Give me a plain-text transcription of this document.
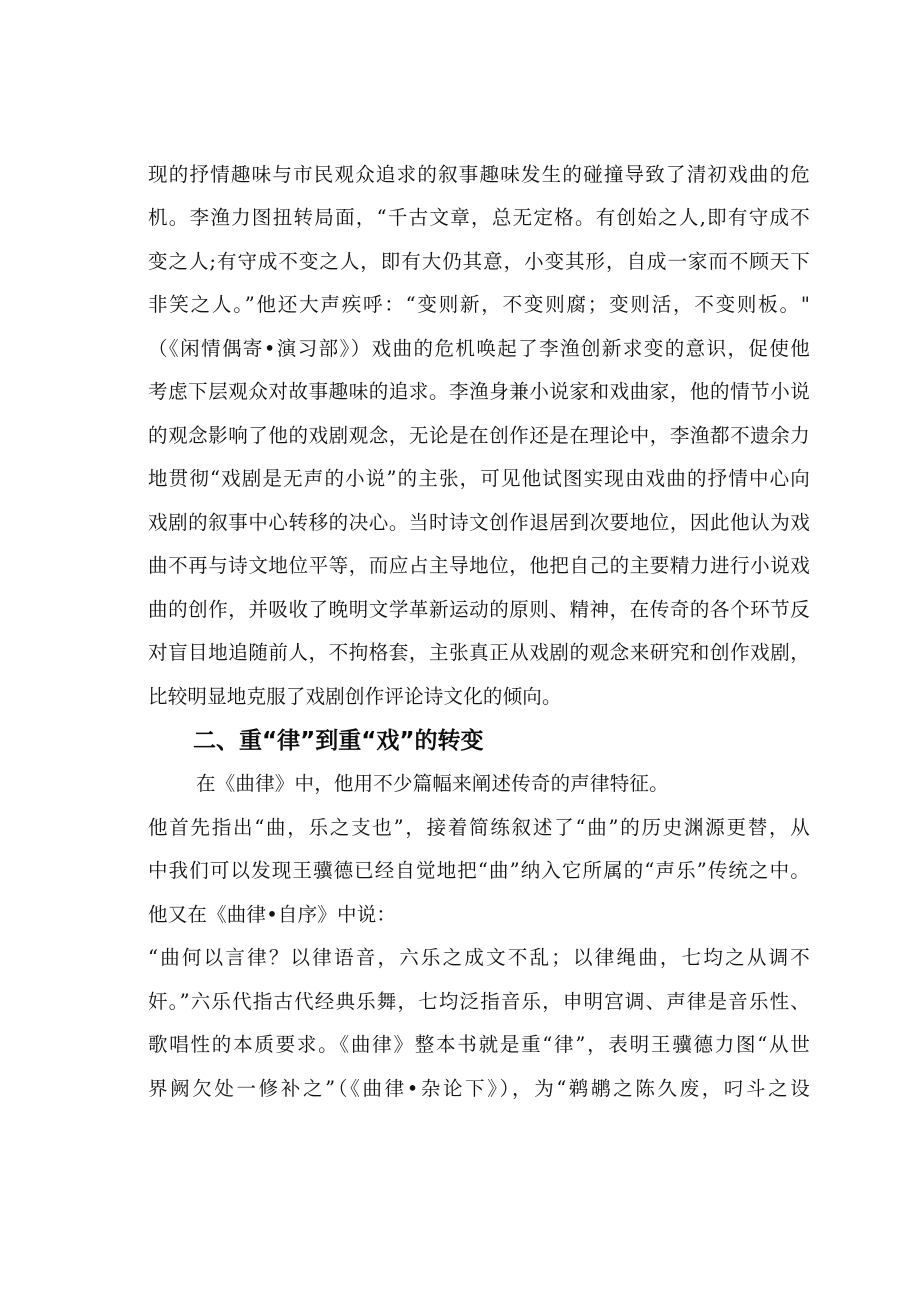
现的抒情趣味与市民观众追求的叙事趣味发生的碰撞导致了清初戏曲的危
机。李渔力图扭转局面，“千古文章，总无定格。有创始之人,即有守成不
变之人;有守成不变之人，即有大仍其意，小变其形，自成一家而不顾天下
非笑之人。”他还大声疾呼：“变则新，不变则腐；变则活，不变则板。"
（《闲情偶寄•演习部》）戏曲的危机唤起了李渔创新求变的意识，促使他
考虑下层观众对故事趣味的追求。李渔身兼小说家和戏曲家，他的情节小说
的观念影响了他的戏剧观念，无论是在创作还是在理论中，李渔都不遗余力
地贯彻“戏剧是无声的小说”的主张，可见他试图实现由戏曲的抒情中心向
戏剧的叙事中心转移的决心。当时诗文创作退居到次要地位，因此他认为戏
曲不再与诗文地位平等，而应占主导地位，他把自己的主要精力进行小说戏
曲的创作，并吸收了晚明文学革新运动的原则、精神，在传奇的各个环节反
对盲目地追随前人，不拘格套，主张真正从戏剧的观念来研究和创作戏剧，
比较明显地克服了戏剧创作评论诗文化的倾向。
二、重“律”到重“戏”的转变
在《曲律》中，他用不少篇幅来阐述传奇的声律特征。
他首先指出“曲，乐之支也”，接着简练叙述了“曲”的历史渊源更替，从
中我们可以发现王骥德已经自觉地把“曲”纳入它所属的“声乐”传统之中。
他又在《曲律•自序》中说：
“曲何以言律？以律语音，六乐之成文不乱；以律绳曲，七均之从调不
奸。”六乐代指古代经典乐舞，七均泛指音乐，申明宫调、声律是音乐性、
歌唱性的本质要求。《曲律》整本书就是重“律”，表明王骥德力图“从世
界阙欠处一修补之”（《曲律•杂论下》），为“鹈鹕之陈久废，叼斗之设
